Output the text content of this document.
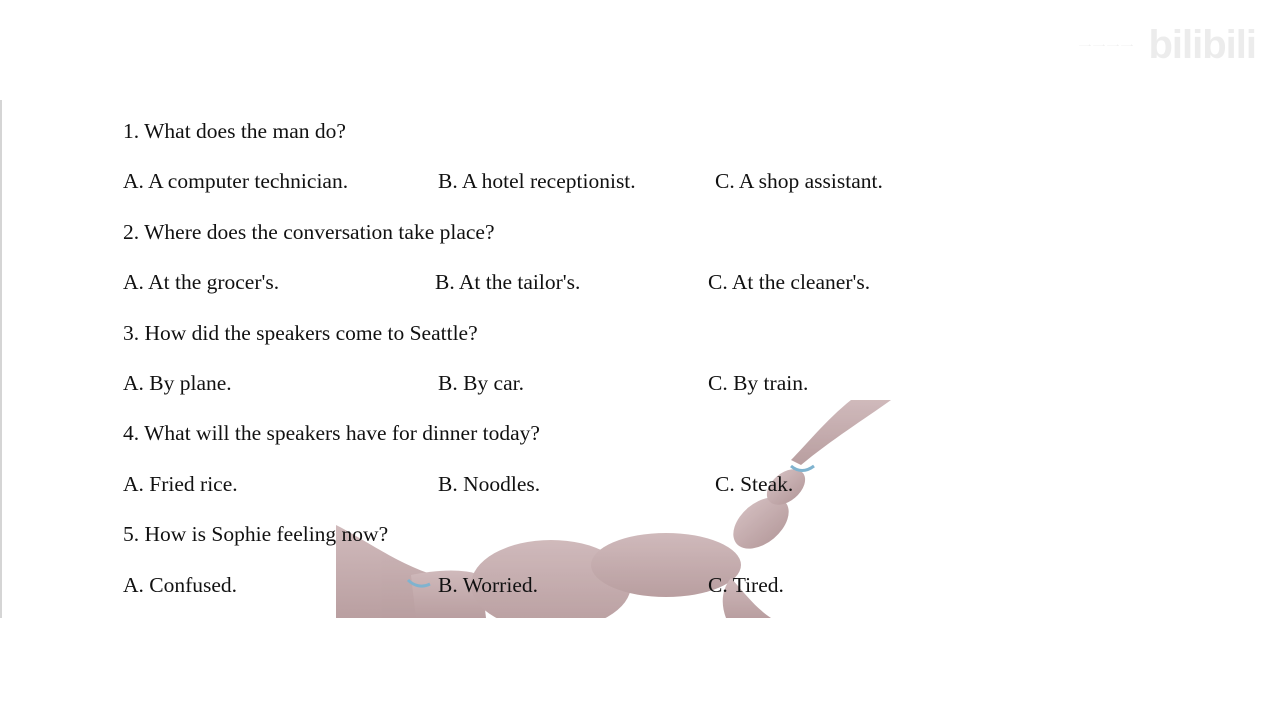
一一一一 bilibili
1. What does the man do?
A. A computer technician.	B. A hotel receptionist.	C. A shop assistant.
2. Where does the conversation take place?
A. At the grocer's.	B. At the tailor's.	C. At the cleaner's.
3. How did the speakers come to Seattle?
A. By plane.	B. By car.	C. By train.
4. What will the speakers have for dinner today?
A. Fried rice.	B. Noodles.	C. Steak.
5. How is Sophie feeling now?
A. Confused.	B. Worried.	C. Tired.
